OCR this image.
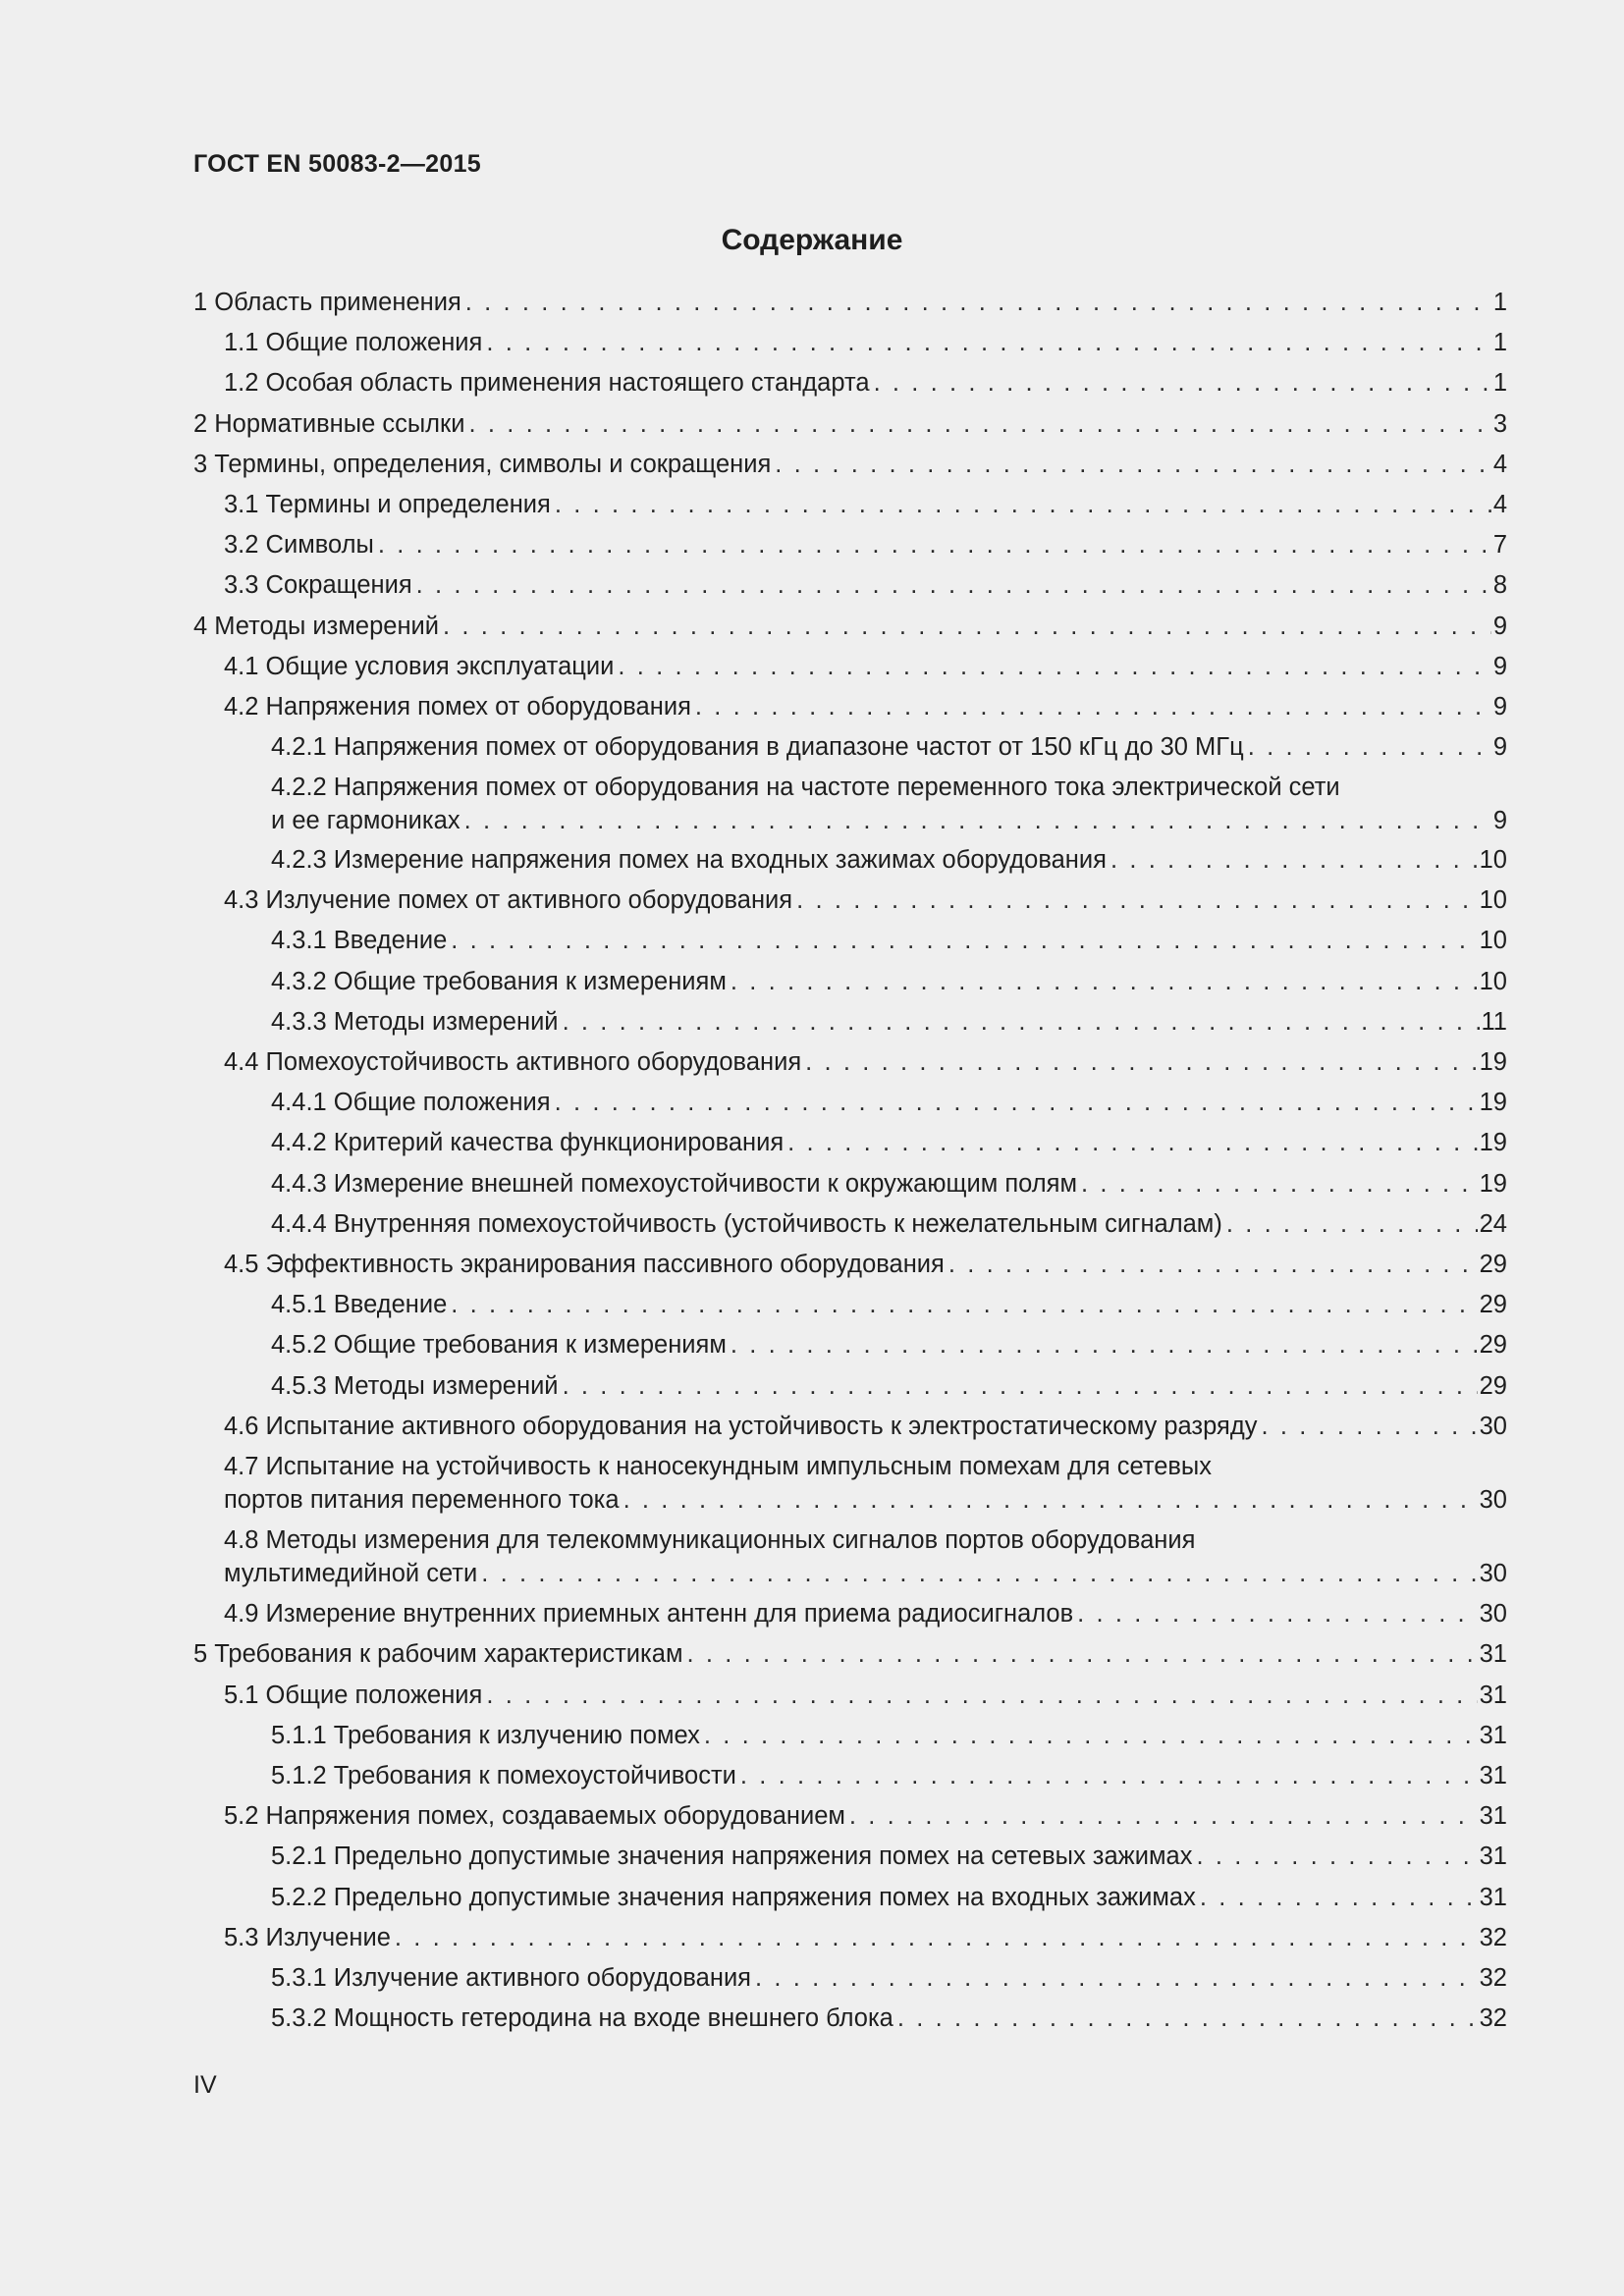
ГОСТ EN 50083-2—2015
Содержание
1 Область применения . . .	1
1.1 Общие положения . . .	1
1.2 Особая область применения настоящего стандарта . . .	1
2 Нормативные ссылки . . .	3
3 Термины, определения, символы и сокращения . . .	4
3.1 Термины и определения . . .	4
3.2 Символы . . .	7
3.3 Сокращения . . .	8
4 Методы измерений . . .	9
4.1 Общие условия эксплуатации . . .	9
4.2 Напряжения помех от оборудования . . .	9
4.2.1 Напряжения помех от оборудования в диапазоне частот от 150 кГц до 30 МГц . . .	9
4.2.2 Напряжения помех от оборудования на частоте переменного тока электрической сети
и ее гармониках . . .	9
4.2.3 Измерение напряжения помех на входных зажимах оборудования . . .	10
4.3 Излучение помех от активного оборудования . . .	10
4.3.1 Введение . . .	10
4.3.2 Общие требования к измерениям . . .	10
4.3.3 Методы измерений . . .	11
4.4 Помехоустойчивость активного оборудования . . .	19
4.4.1 Общие положения . . .	19
4.4.2 Критерий качества функционирования . . .	19
4.4.3 Измерение внешней помехоустойчивости к окружающим полям . . .	19
4.4.4 Внутренняя помехоустойчивость (устойчивость к нежелательным сигналам) . . .	24
4.5 Эффективность экранирования пассивного оборудования . . .	29
4.5.1 Введение . . .	29
4.5.2 Общие требования к измерениям . . .	29
4.5.3 Методы измерений . . .	29
4.6 Испытание активного оборудования на устойчивость к электростатическому разряду . . .	30
4.7 Испытание на устойчивость к наносекундным импульсным помехам для сетевых
портов питания переменного тока . . .	30
4.8 Методы измерения для телекоммуникационных сигналов портов оборудования
мультимедийной сети . . .	30
4.9 Измерение внутренних приемных антенн для приема радиосигналов . . .	30
5 Требования к рабочим характеристикам . . .	31
5.1 Общие положения . . .	31
5.1.1 Требования к излучению помех . . .	31
5.1.2 Требования к помехоустойчивости . . .	31
5.2 Напряжения помех, создаваемых оборудованием . . .	31
5.2.1 Предельно допустимые значения напряжения помех на сетевых зажимах . . .	31
5.2.2 Предельно допустимые значения напряжения помех на входных зажимах . . .	31
5.3 Излучение . . .	32
5.3.1 Излучение активного оборудования . . .	32
5.3.2 Мощность гетеродина на входе внешнего блока . . .	32
IV
